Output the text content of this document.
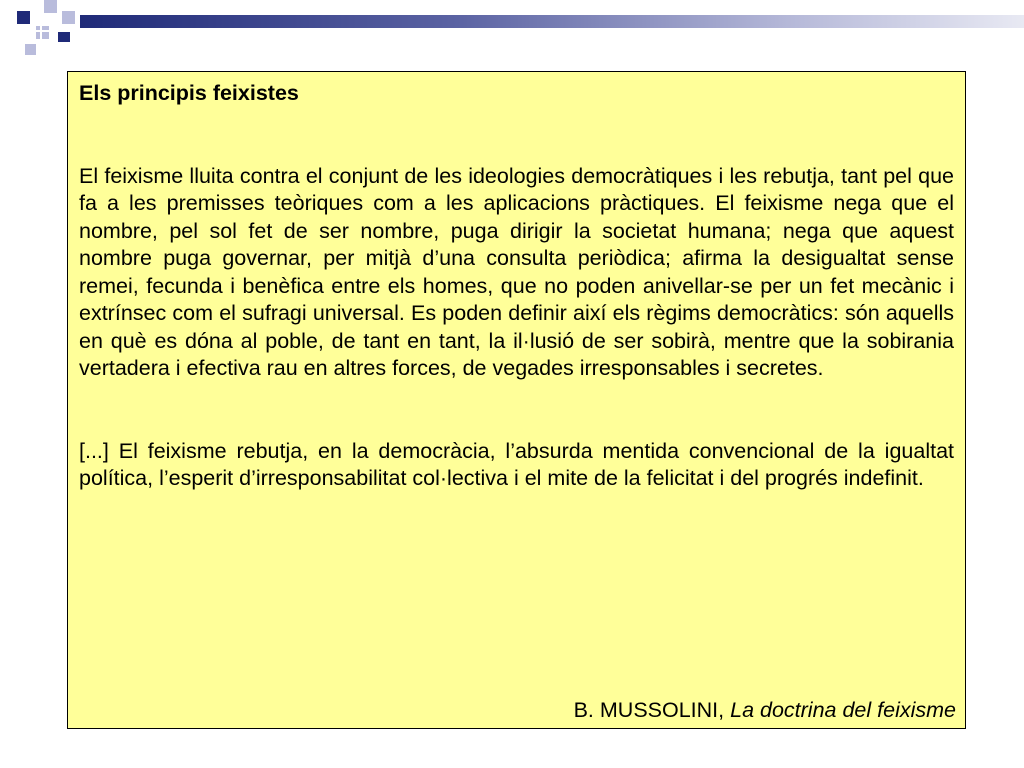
Els principis feixistes

El feixisme lluita contra el conjunt de les ideologies democràtiques i les rebutja, tant pel que fa a les premisses teòriques com a les aplicacions pràctiques. El feixisme nega que el nombre, pel sol fet de ser nombre, puga dirigir la societat humana; nega que aquest nombre puga governar, per mitjà d’una consulta periòdica; afirma la desigualtat sense remei, fecunda i benèfica entre els homes, que no poden anivellar-se per un fet mecànic i extrínsec com el sufragi universal. Es poden definir així els règims democràtics: són aquells en què es dóna al poble, de tant en tant, la il·lusió de ser sobirà, mentre que la sobirania vertadera i efectiva rau en altres forces, de vegades irresponsables i secretes.

[...] El feixisme rebutja, en la democràcia, l’absurda mentida convencional de la igualtat política, l’esperit d’irresponsabilitat col·lectiva i el mite de la felicitat i del progrés indefinit.

B. MUSSOLINI, La doctrina del feixisme
